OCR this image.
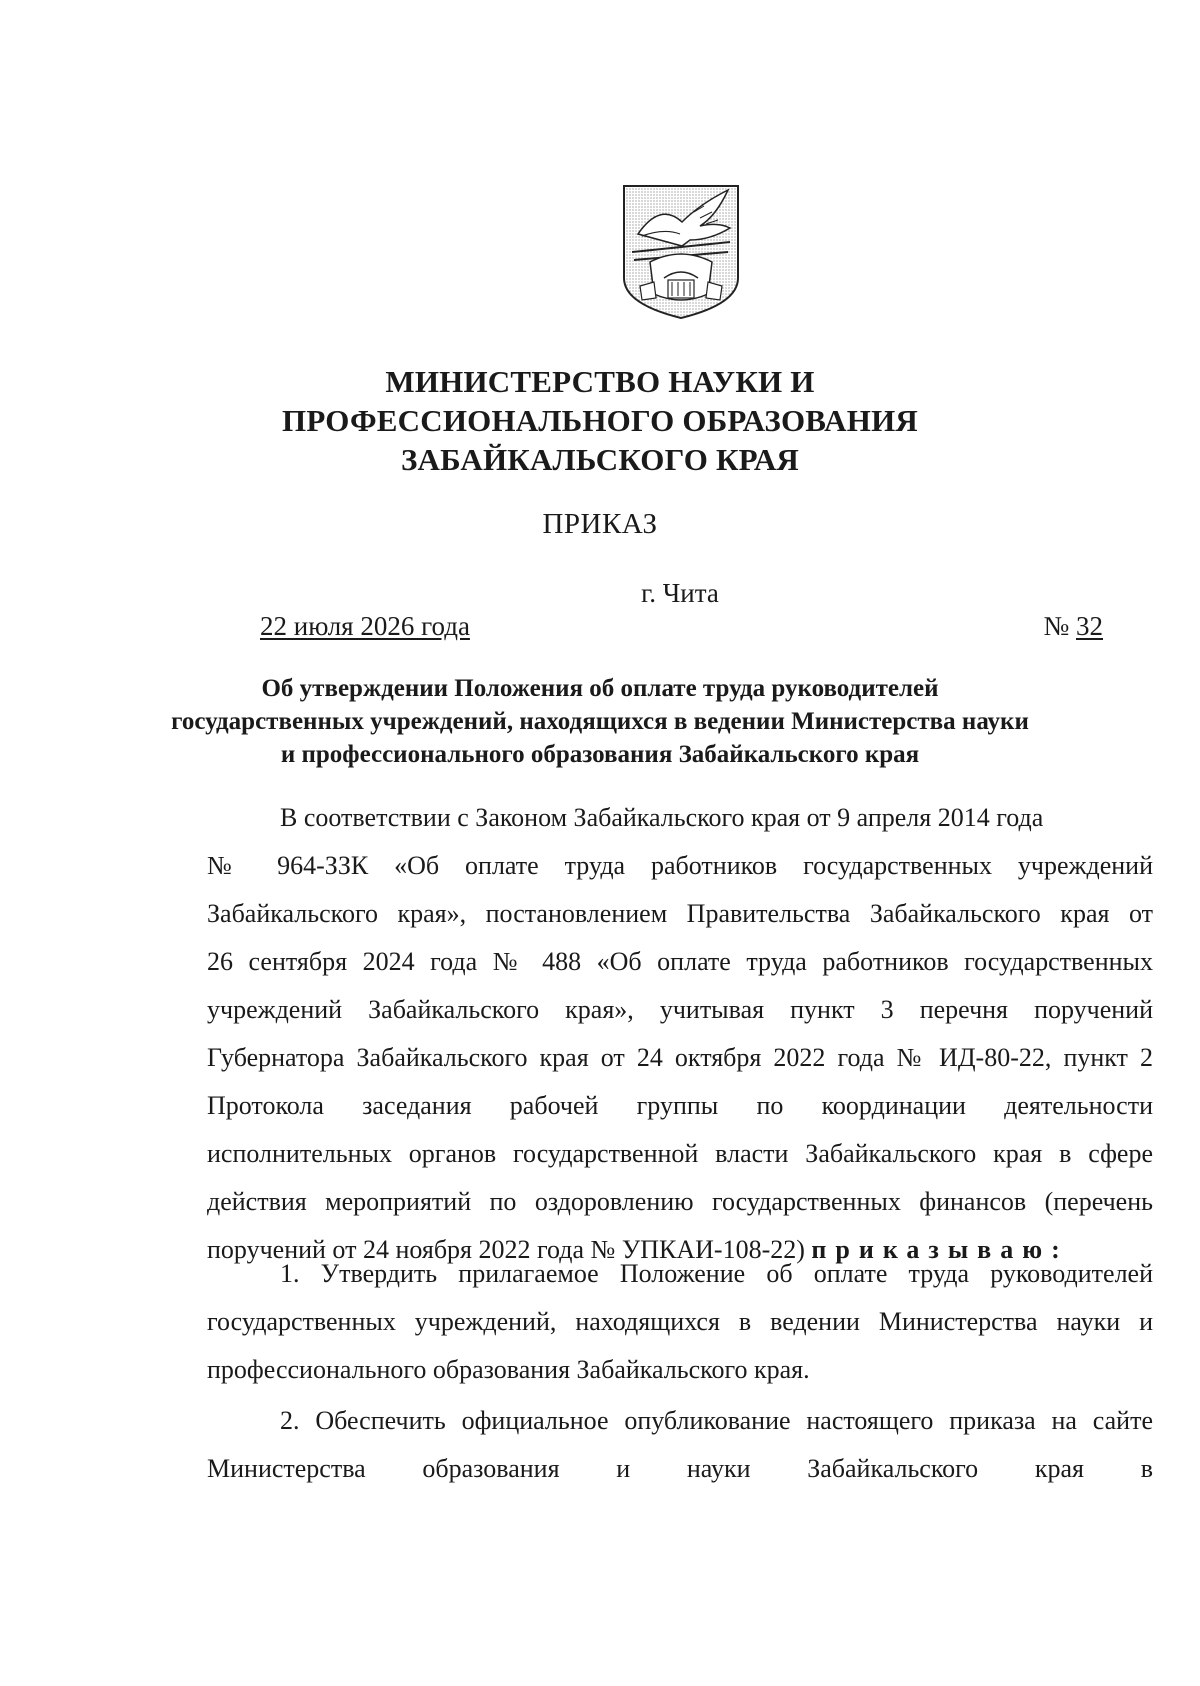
МИНИСТЕРСТВО НАУКИ И
ПРОФЕССИОНАЛЬНОГО ОБРАЗОВАНИЯ
ЗАБАЙКАЛЬСКОГО КРАЯ
ПРИКАЗ
г. Чита
22 июля 2026 года	№ 32
Об утверждении Положения об оплате труда руководителей
государственных учреждений, находящихся в ведении Министерства науки
и профессионального образования Забайкальского края
В соответствии с Законом Забайкальского края от 9 апреля 2014 года
№ 964-ЗЗК «Об оплате труда работников государственных учреждений
Забайкальского края», постановлением Правительства Забайкальского края от
26 сентября 2024 года № 488 «Об оплате труда работников государственных
учреждений Забайкальского края», учитывая пункт 3 перечня поручений
Губернатора Забайкальского края от 24 октября 2022 года № ИД-80-22, пункт 2
Протокола заседания рабочей группы по координации деятельности
исполнительных органов государственной власти Забайкальского края в сфере
действия мероприятий по оздоровлению государственных финансов (перечень
поручений от 24 ноября 2022 года № УПКАИ-108-22) приказываю:
1. Утвердить прилагаемое Положение об оплате труда руководителей
государственных учреждений, находящихся в ведении Министерства науки и
профессионального образования Забайкальского края.
2. Обеспечить официальное опубликование настоящего приказа на сайте
Министерства образования и науки Забайкальского края в
